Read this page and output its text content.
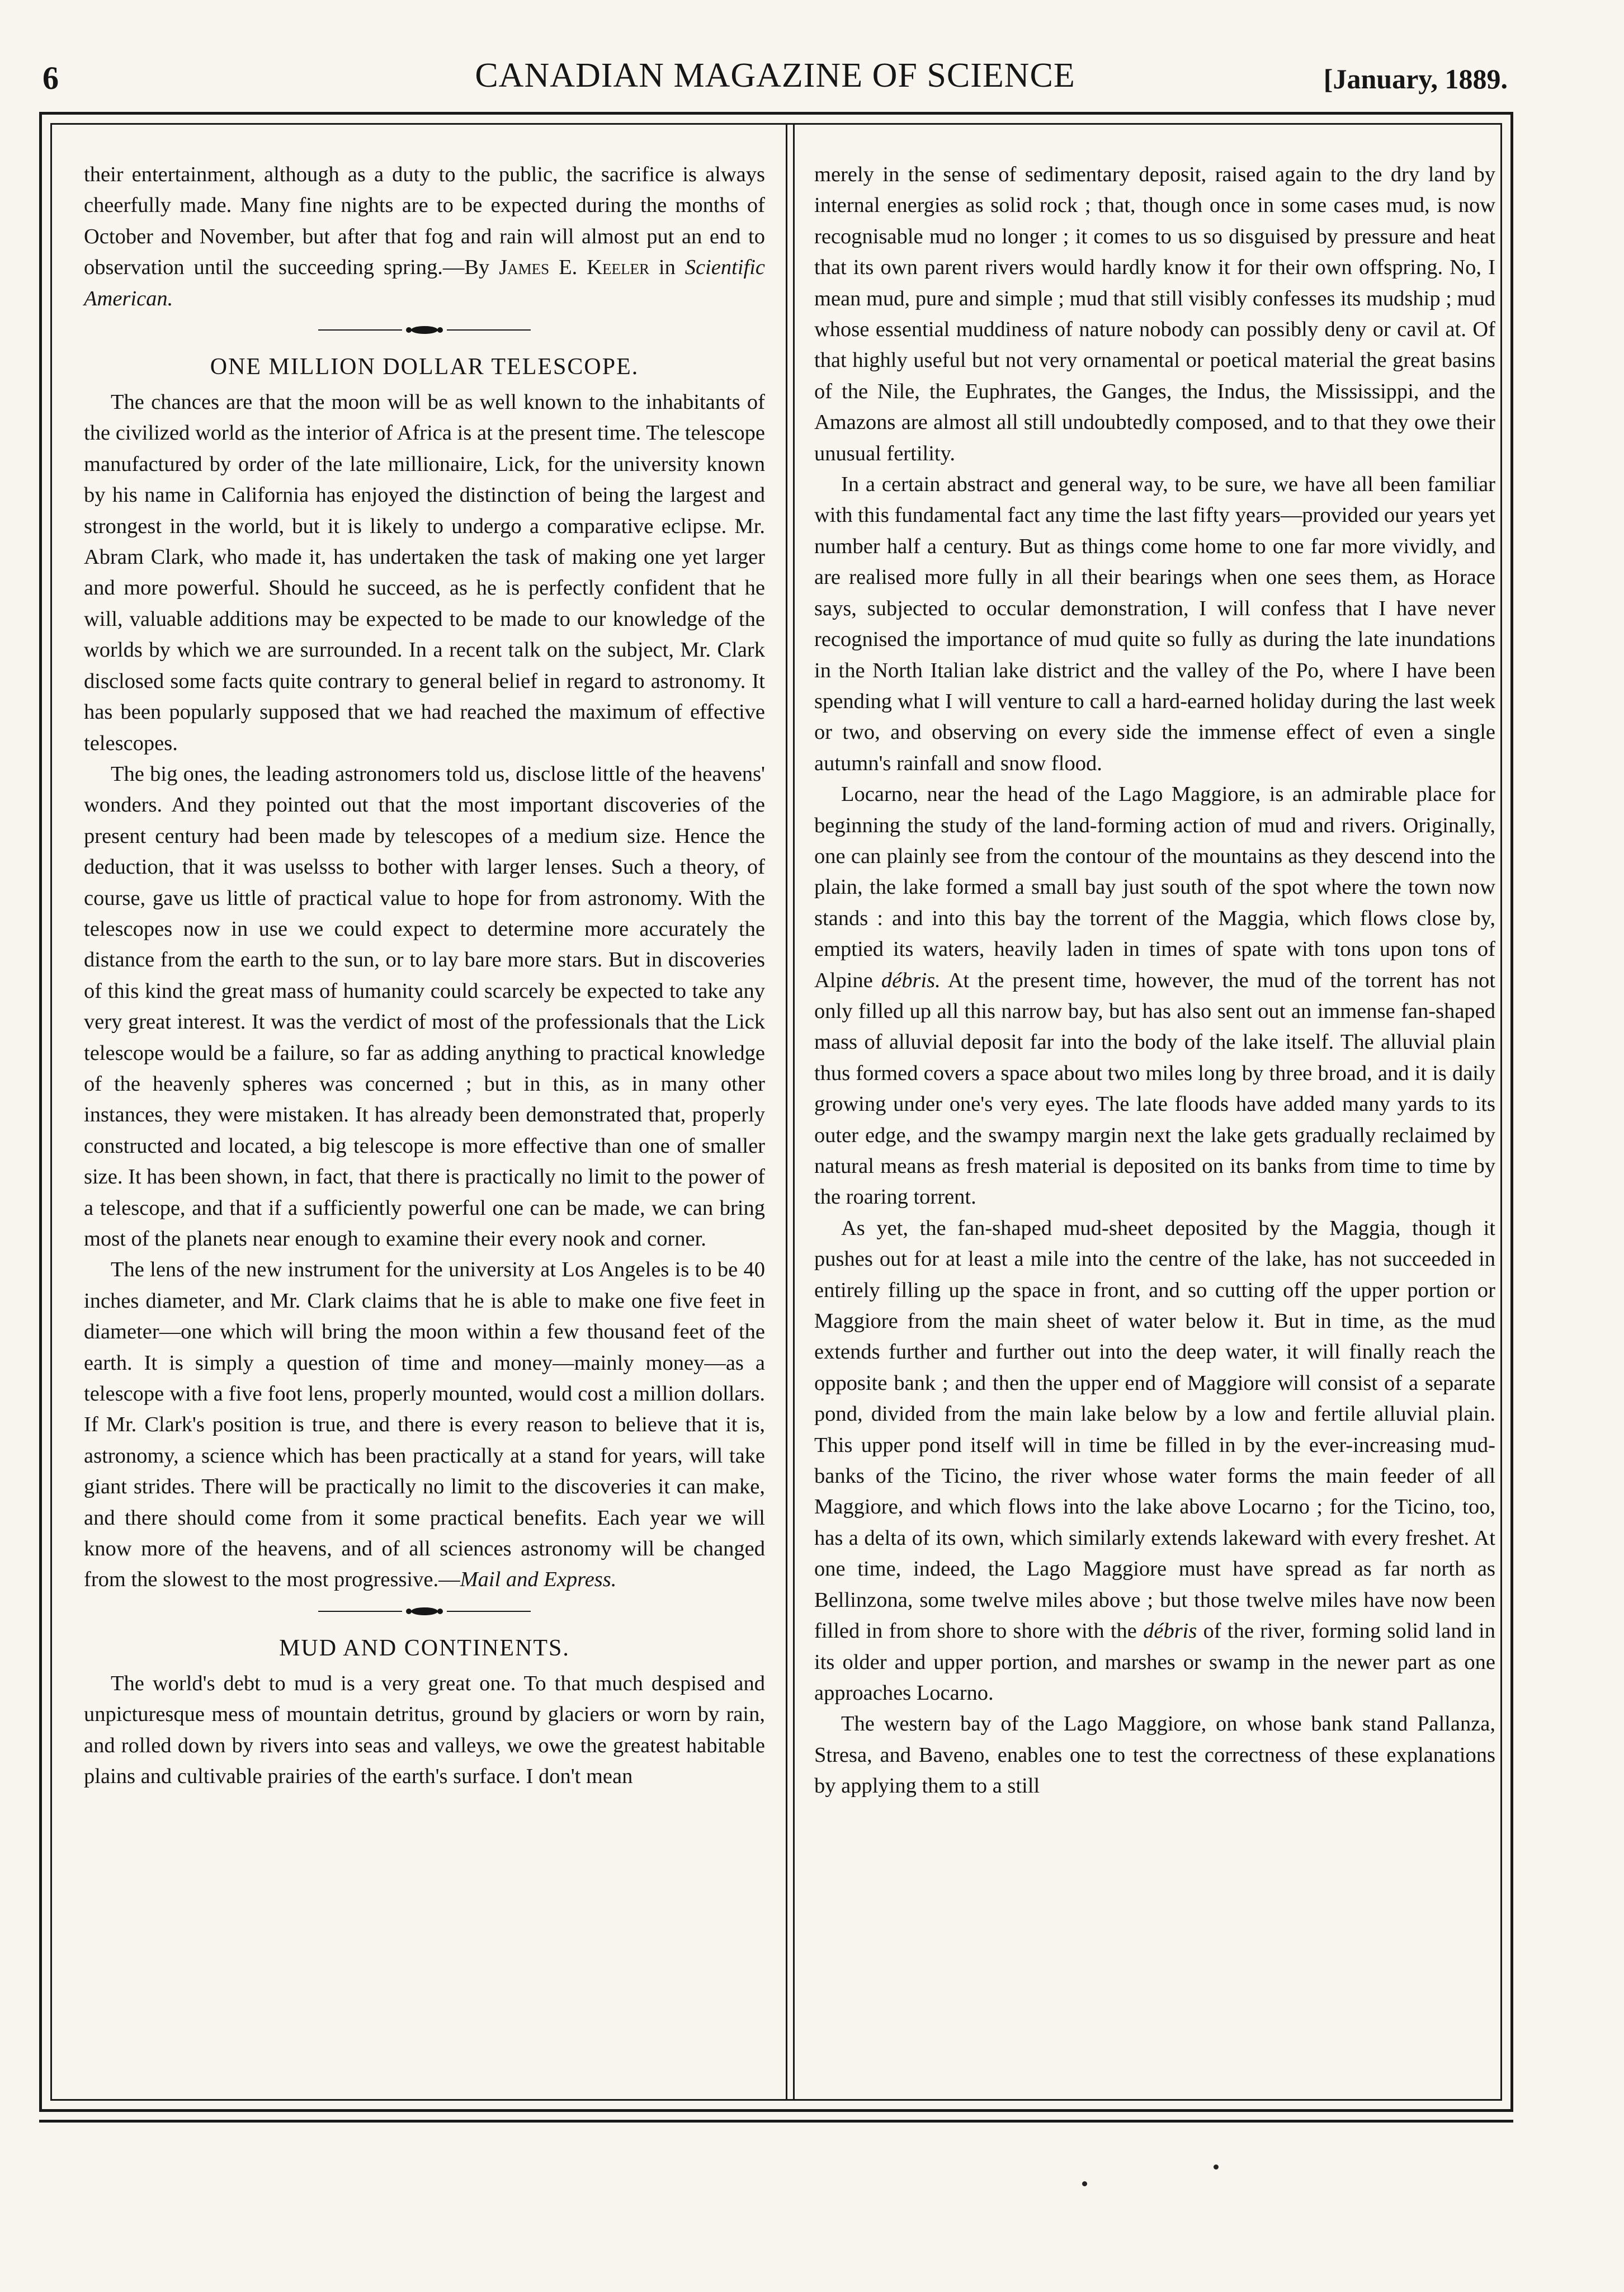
6	CANADIAN MAGAZINE OF SCIENCE	[January, 1889.

their entertainment, although as a duty to the public, the sacrifice is always cheerfully made. Many fine nights are to be expected during the months of October and November, but after that fog and rain will almost put an end to observation until the succeeding spring.—By James E. Keeler in Scientific American.

ONE MILLION DOLLAR TELESCOPE.

The chances are that the moon will be as well known to the inhabitants of the civilized world as the interior of Africa is at the present time. The telescope manufactured by order of the late millionaire, Lick, for the university known by his name in California has enjoyed the distinction of being the largest and strongest in the world, but it is likely to undergo a comparative eclipse. Mr. Abram Clark, who made it, has undertaken the task of making one yet larger and more powerful. Should he succeed, as he is perfectly confident that he will, valuable additions may be expected to be made to our knowledge of the worlds by which we are surrounded. In a recent talk on the subject, Mr. Clark disclosed some facts quite contrary to general belief in regard to astronomy. It has been popularly supposed that we had reached the maximum of effective telescopes.

The big ones, the leading astronomers told us, disclose little of the heavens' wonders. And they pointed out that the most important discoveries of the present century had been made by telescopes of a medium size. Hence the deduction, that it was uselsss to bother with larger lenses. Such a theory, of course, gave us little of practical value to hope for from astronomy. With the telescopes now in use we could expect to determine more accurately the distance from the earth to the sun, or to lay bare more stars. But in discoveries of this kind the great mass of humanity could scarcely be expected to take any very great interest. It was the verdict of most of the professionals that the Lick telescope would be a failure, so far as adding anything to practical knowledge of the heavenly spheres was concerned ; but in this, as in many other instances, they were mistaken. It has already been demonstrated that, properly constructed and located, a big telescope is more effective than one of smaller size. It has been shown, in fact, that there is practically no limit to the power of a telescope, and that if a sufficiently powerful one can be made, we can bring most of the planets near enough to examine their every nook and corner.

The lens of the new instrument for the university at Los Angeles is to be 40 inches diameter, and Mr. Clark claims that he is able to make one five feet in diameter—one which will bring the moon within a few thousand feet of the earth. It is simply a question of time and money—mainly money—as a telescope with a five foot lens, properly mounted, would cost a million dollars. If Mr. Clark's position is true, and there is every reason to believe that it is, astronomy, a science which has been practically at a stand for years, will take giant strides. There will be practically no limit to the discoveries it can make, and there should come from it some practical benefits. Each year we will know more of the heavens, and of all sciences astronomy will be changed from the slowest to the most progressive.—Mail and Express.

MUD AND CONTINENTS.

The world's debt to mud is a very great one. To that much despised and unpicturesque mess of mountain detritus, ground by glaciers or worn by rain, and rolled down by rivers into seas and valleys, we owe the greatest habitable plains and cultivable prairies of the earth's surface. I don't mean

merely in the sense of sedimentary deposit, raised again to the dry land by internal energies as solid rock ; that, though once in some cases mud, is now recognisable mud no longer ; it comes to us so disguised by pressure and heat that its own parent rivers would hardly know it for their own offspring. No, I mean mud, pure and simple ; mud that still visibly confesses its mudship ; mud whose essential muddiness of nature nobody can possibly deny or cavil at. Of that highly useful but not very ornamental or poetical material the great basins of the Nile, the Euphrates, the Ganges, the Indus, the Mississippi, and the Amazons are almost all still undoubtedly composed, and to that they owe their unusual fertility.

In a certain abstract and general way, to be sure, we have all been familiar with this fundamental fact any time the last fifty years—provided our years yet number half a century. But as things come home to one far more vividly, and are realised more fully in all their bearings when one sees them, as Horace says, subjected to occular demonstration, I will confess that I have never recognised the importance of mud quite so fully as during the late inundations in the North Italian lake district and the valley of the Po, where I have been spending what I will venture to call a hard-earned holiday during the last week or two, and observing on every side the immense effect of even a single autumn's rainfall and snow flood.

Locarno, near the head of the Lago Maggiore, is an admirable place for beginning the study of the land-forming action of mud and rivers. Originally, one can plainly see from the contour of the mountains as they descend into the plain, the lake formed a small bay just south of the spot where the town now stands : and into this bay the torrent of the Maggia, which flows close by, emptied its waters, heavily laden in times of spate with tons upon tons of Alpine débris. At the present time, however, the mud of the torrent has not only filled up all this narrow bay, but has also sent out an immense fan-shaped mass of alluvial deposit far into the body of the lake itself. The alluvial plain thus formed covers a space about two miles long by three broad, and it is daily growing under one's very eyes. The late floods have added many yards to its outer edge, and the swampy margin next the lake gets gradually reclaimed by natural means as fresh material is deposited on its banks from time to time by the roaring torrent.

As yet, the fan-shaped mud-sheet deposited by the Maggia, though it pushes out for at least a mile into the centre of the lake, has not succeeded in entirely filling up the space in front, and so cutting off the upper portion or Maggiore from the main sheet of water below it. But in time, as the mud extends further and further out into the deep water, it will finally reach the opposite bank ; and then the upper end of Maggiore will consist of a separate pond, divided from the main lake below by a low and fertile alluvial plain. This upper pond itself will in time be filled in by the ever-increasing mud-banks of the Ticino, the river whose water forms the main feeder of all Maggiore, and which flows into the lake above Locarno ; for the Ticino, too, has a delta of its own, which similarly extends lakeward with every freshet. At one time, indeed, the Lago Maggiore must have spread as far north as Bellinzona, some twelve miles above ; but those twelve miles have now been filled in from shore to shore with the débris of the river, forming solid land in its older and upper portion, and marshes or swamp in the newer part as one approaches Locarno.

The western bay of the Lago Maggiore, on whose bank stand Pallanza, Stresa, and Baveno, enables one to test the correctness of these explanations by applying them to a still
